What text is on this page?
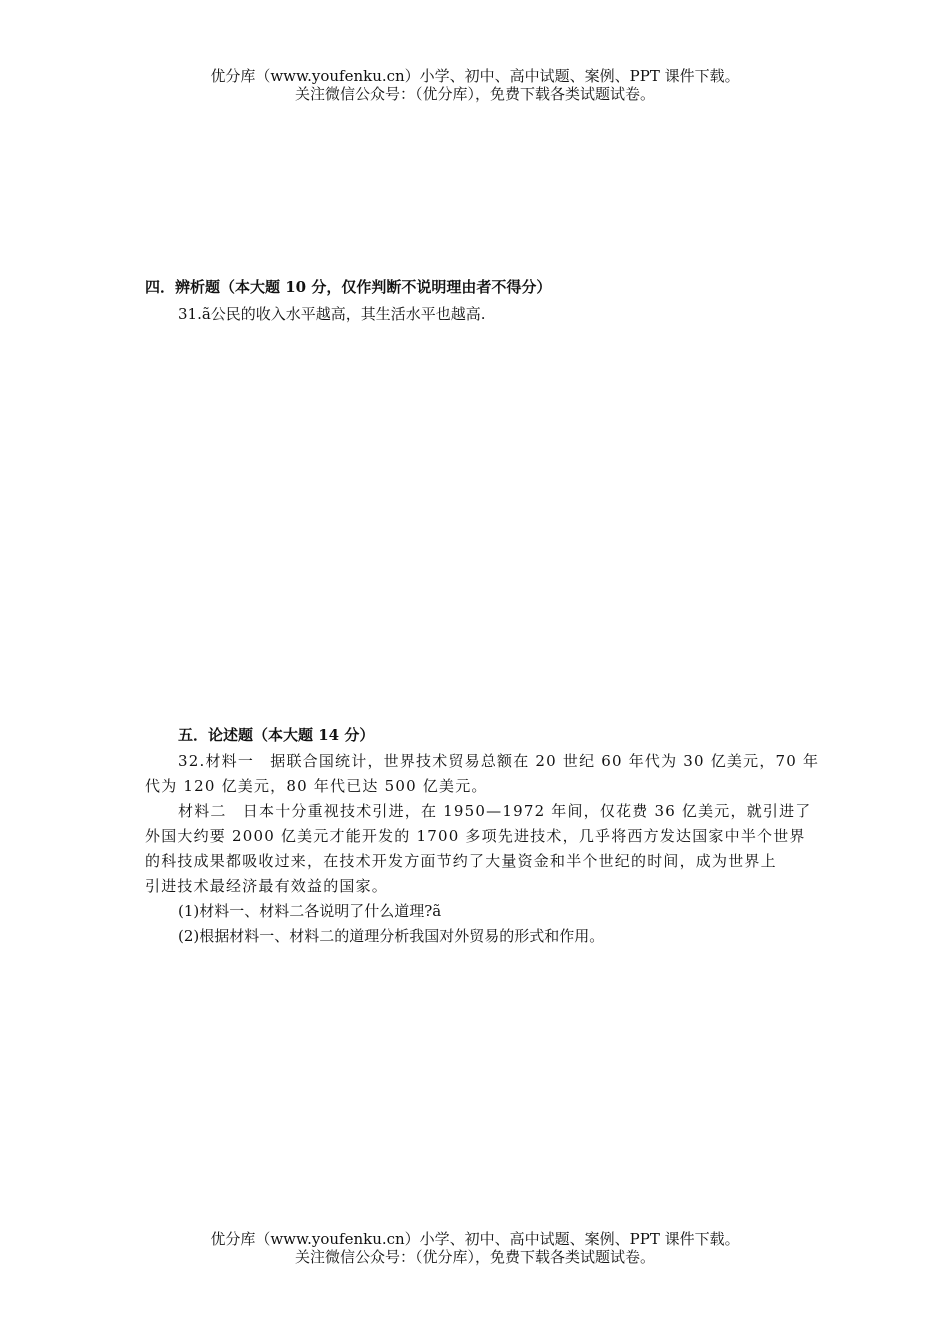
优分库（www.youfenku.cn）小学、初中、高中试题、案例、PPT 课件下载。
关注微信公众号：（优分库），免费下载各类试题试卷。
四．辨析题（本大题 10 分，仅作判断不说明理由者不得分）
31.ã公民的收入水平越高，其生活水平也越高.
五．论述题（本大题 14 分）
32.材料一　据联合国统计，世界技术贸易总额在 20 世纪 60 年代为 30 亿美元，70 年
代为 120 亿美元，80 年代已达 500 亿美元。
材料二　日本十分重视技术引进，在 1950—1972 年间，仅花费 36 亿美元，就引进了
外国大约要 2000 亿美元才能开发的 1700 多项先进技术，几乎将西方发达国家中半个世界
的科技成果都吸收过来，在技术开发方面节约了大量资金和半个世纪的时间，成为世界上
引进技术最经济最有效益的国家。
(1)材料一、材料二各说明了什么道理?ã
(2)根据材料一、材料二的道理分析我国对外贸易的形式和作用。
优分库（www.youfenku.cn）小学、初中、高中试题、案例、PPT 课件下载。
关注微信公众号：（优分库），免费下载各类试题试卷。
